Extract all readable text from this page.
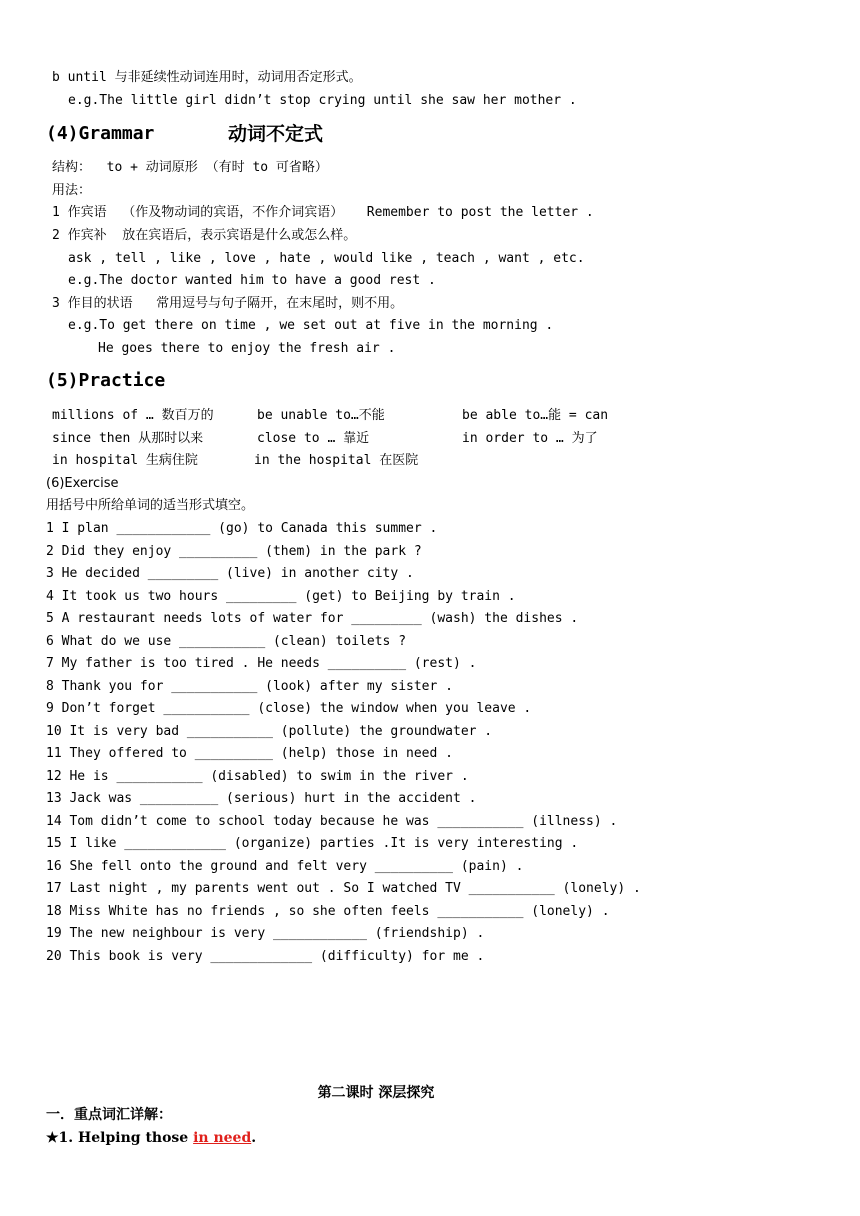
b until 与非延续性动词连用时，动词用否定形式。
e.g.The little girl didn’t stop crying until she saw her mother .
(4)Grammar	动词不定式
结构：  to + 动词原形 （有时 to 可省略）
用法：
1 作宾语  （作及物动词的宾语，不作介词宾语）   Remember to post the letter .
2 作宾补  放在宾语后，表示宾语是什么或怎么样。
ask , tell , like , love , hate , would like , teach , want , etc.
e.g.The doctor wanted him to have a good rest .
3 作目的状语   常用逗号与句子隔开，在末尾时，则不用。
e.g.To get there on time , we set out at five in the morning .
He goes there to enjoy the fresh air .
(5)Practice
millions of … 数百万的	be unable to…不能	be able to…能 = can
since then 从那时以来	close to … 靠近	in order to … 为了
in hospital 生病住院	in the hospital 在医院
(6)Exercise
用括号中所给单词的适当形式填空。
1 I plan ____________ (go) to Canada this summer .
2 Did they enjoy __________ (them) in the park ?
3 He decided _________ (live) in another city .
4 It took us two hours _________ (get) to Beijing by train .
5 A restaurant needs lots of water for _________ (wash) the dishes .
6 What do we use ___________ (clean) toilets ?
7 My father is too tired . He needs __________ (rest) .
8 Thank you for ___________ (look) after my sister .
9 Don’t forget ___________ (close) the window when you leave .
10 It is very bad ___________ (pollute) the groundwater .
11 They offered to __________ (help) those in need .
12 He is ___________ (disabled) to swim in the river .
13 Jack was __________ (serious) hurt in the accident .
14 Tom didn’t come to school today because he was ___________ (illness) .
15 I like _____________ (organize) parties .It is very interesting .
16 She fell onto the ground and felt very __________ (pain) .
17 Last night , my parents went out . So I watched TV ___________ (lonely) .
18 Miss White has no friends , so she often feels ___________ (lonely) .
19 The new neighbour is very ____________ (friendship) .
20 This book is very _____________ (difficulty) for me .
第二课时 深层探究
一．重点词汇详解：
★1. Helping those in need.
